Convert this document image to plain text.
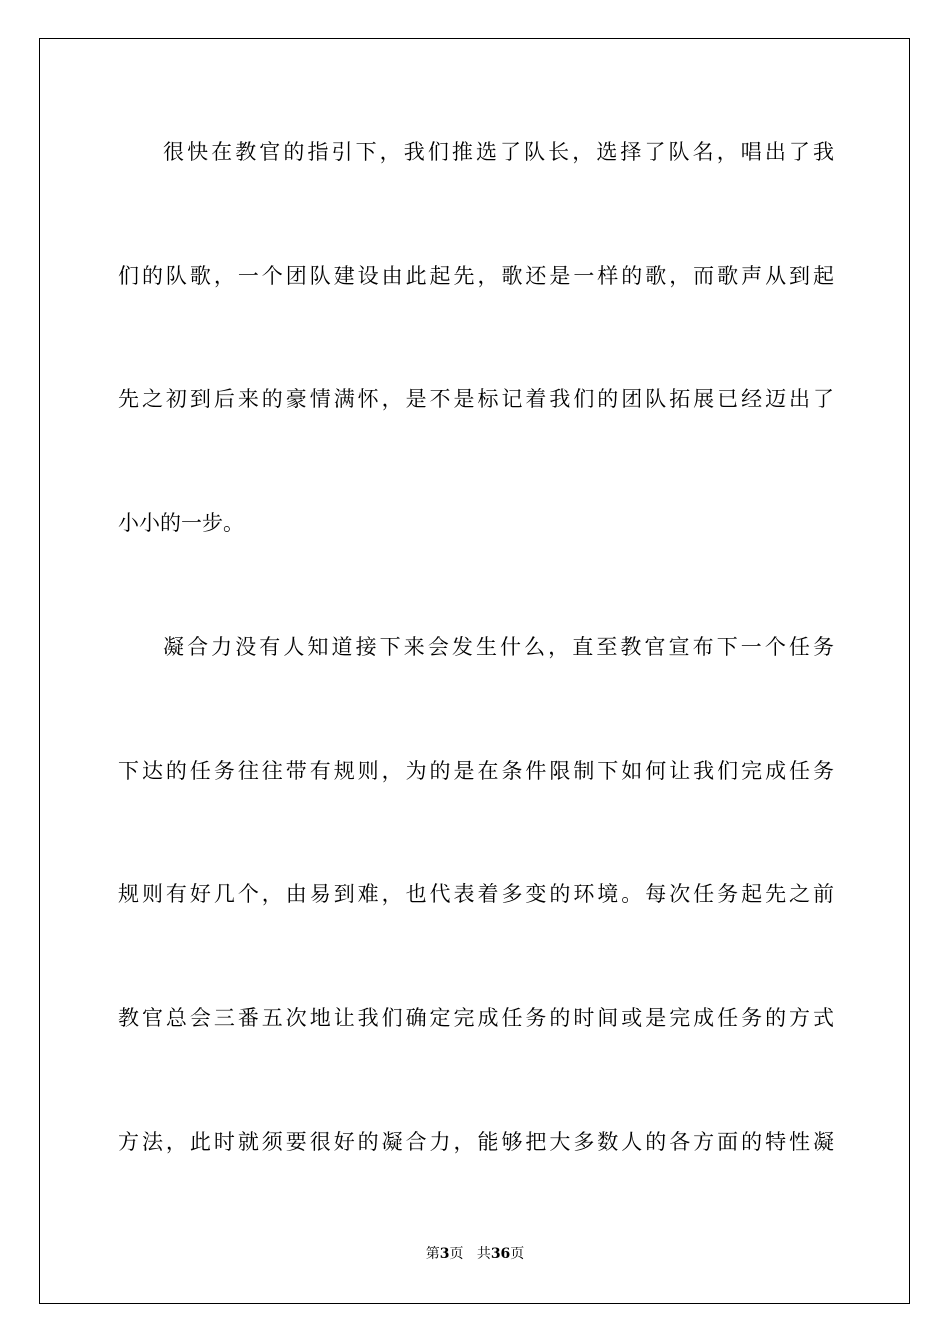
很快在教官的指引下，我们推选了队长，选择了队名，唱出了我
们的队歌，一个团队建设由此起先，歌还是一样的歌，而歌声从到起
先之初到后来的豪情满怀，是不是标记着我们的团队拓展已经迈出了
小小的一步。
凝合力没有人知道接下来会发生什么，直至教官宣布下一个任务
下达的任务往往带有规则，为的是在条件限制下如何让我们完成任务
规则有好几个，由易到难，也代表着多变的环境。每次任务起先之前
教官总会三番五次地让我们确定完成任务的时间或是完成任务的方式
方法，此时就须要很好的凝合力，能够把大多数人的各方面的特性凝
第3页 共36页
